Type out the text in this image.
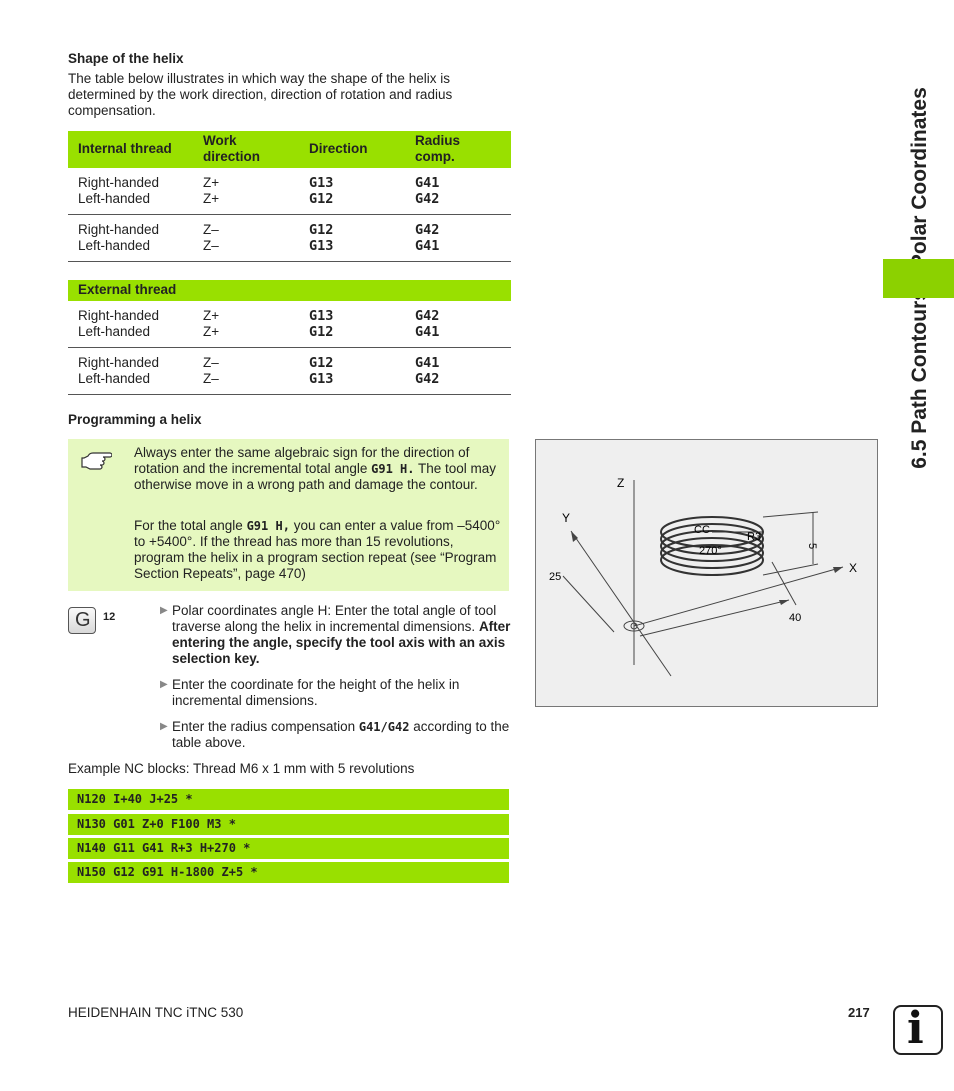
Shape of the helix
The table below illustrates in which way the shape of the helix is determined by the work direction, direction of rotation and radius compensation.
Internal thread
Work direction
Direction
Radius comp.
Right-handed
Left-handed
Z+
Z+
G13
G12
G41
G42
Right-handed
Left-handed
Z–
Z–
G12
G13
G42
G41
External thread
Right-handed
Left-handed
Z+
Z+
G13
G12
G42
G41
Right-handed
Left-handed
Z–
Z–
G12
G13
G41
G42
Programming a helix
Always enter the same algebraic sign for the direction of rotation and the incremental total angle G91 H. The tool may otherwise move in a wrong path and damage the contour.
For the total angle G91 H, you can enter a value from –5400° to +5400°. If the thread has more than 15 revolutions, program the helix in a program section repeat (see “Program Section Repeats”, page 470)
G 12
▶ Polar coordinates angle H: Enter the total angle of tool traverse along the helix in incremental dimensions. After entering the angle, specify the tool axis with an axis selection key.
▶ Enter the coordinate for the height of the helix in incremental dimensions.
▶ Enter the radius compensation G41/G42 according to the table above.
Example NC blocks: Thread M6 x 1 mm with 5 revolutions
N120 I+40 J+25 *
N130 G01 Z+0 F100 M3 *
N140 G11 G41 R+3 H+270 *
N150 G12 G91 H-1800 Z+5 *
Z
Y
X
CC
R3
270°	5
25
40
HEIDENHAIN TNC iTNC 530	217 i
